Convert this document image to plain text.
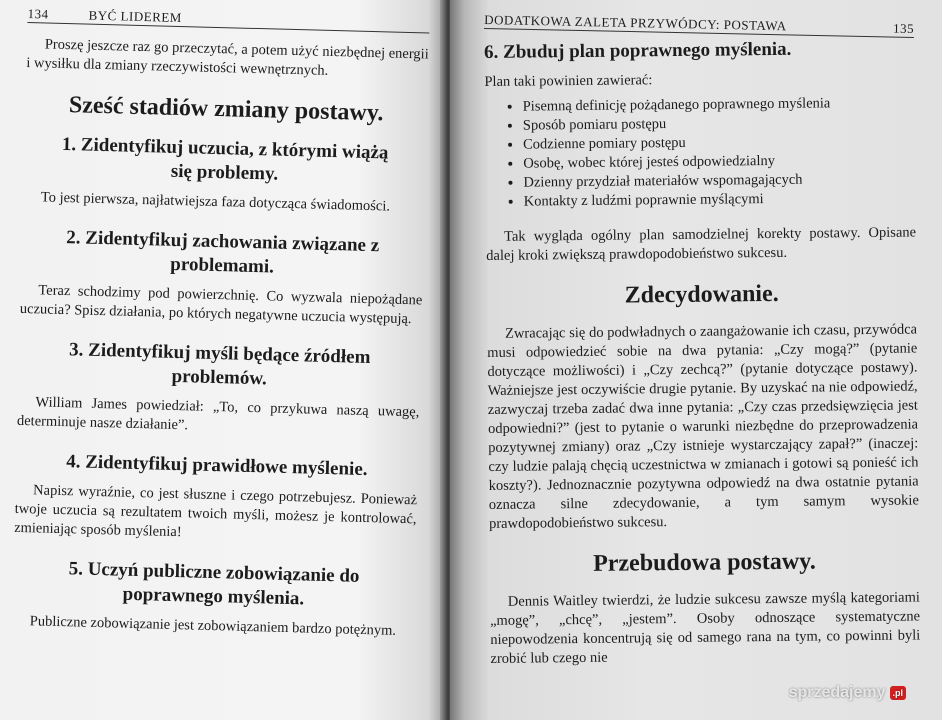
134	BYĆ LIDEREM

Proszę jeszcze raz go przeczytać, a potem użyć niezbędnej energii i wysiłku dla zmiany rzeczywistości wewnętrznych.

Sześć stadiów zmiany postawy.
1. Zidentyfikuj uczucia, z którymi wiążą się problemy.

To jest pierwsza, najłatwiejsza faza dotycząca świadomości.

2. Zidentyfikuj zachowania związane z problemami.

Teraz schodzimy pod powierzchnię. Co wyzwala niepożądane uczucia? Spisz działania, po których negatywne uczucia występują.

3. Zidentyfikuj myśli będące źródłem problemów.

William James powiedział: „To, co przykuwa naszą uwagę, determinuje nasze działanie”.

4. Zidentyfikuj prawidłowe myślenie.

Napisz wyraźnie, co jest słuszne i czego potrzebujesz. Ponieważ twoje uczucia są rezultatem twoich myśli, możesz je kontrolować, zmieniając sposób myślenia!

5. Uczyń publiczne zobowiązanie do poprawnego myślenia.

Publiczne zobowiązanie jest zobowiązaniem bardzo potężnym.

DODATKOWA ZALETA PRZYWÓDCY: POSTAWA	135
6. Zbuduj plan poprawnego myślenia.

Plan taki powinien zawierać:

• Pisemną definicję pożądanego poprawnego myślenia
• Sposób pomiaru postępu
• Codzienne pomiary postępu
• Osobę, wobec której jesteś odpowiedzialny
• Dzienny przydział materiałów wspomagających
• Kontakty z ludźmi poprawnie myślącymi

Tak wygląda ogólny plan samodzielnej korekty postawy. Opisane dalej kroki zwiększą prawdopodobieństwo sukcesu.

Zdecydowanie.

Zwracając się do podwładnych o zaangażowanie ich czasu, przywódca musi odpowiedzieć sobie na dwa pytania: „Czy mogą?” (pytanie dotyczące możliwości) i „Czy zechcą?” (pytanie dotyczące postawy). Ważniejsze jest oczywiście drugie pytanie. By uzyskać na nie odpowiedź, zazwyczaj trzeba zadać dwa inne pytania: „Czy czas przedsięwzięcia jest odpowiedni?” (jest to pytanie o warunki niezbędne do przeprowadzenia pozytywnej zmiany) oraz „Czy istnieje wystarczający zapał?” (inaczej: czy ludzie palają chęcią uczestnictwa w zmianach i gotowi są ponieść ich koszty?). Jednoznacznie pozytywna odpowiedź na dwa ostatnie pytania oznacza silne zdecydowanie, a tym samym wysokie prawdopodobieństwo sukcesu.

Przebudowa postawy.

Dennis Waitley twierdzi, że ludzie sukcesu zawsze myślą kategoriami „mogę”, „chcę”, „jestem”. Osoby odnoszące systematyczne niepowodzenia koncentrują się od samego rana na tym, co powinni byli zrobić lub czego nie

sprzedajemy .pl
